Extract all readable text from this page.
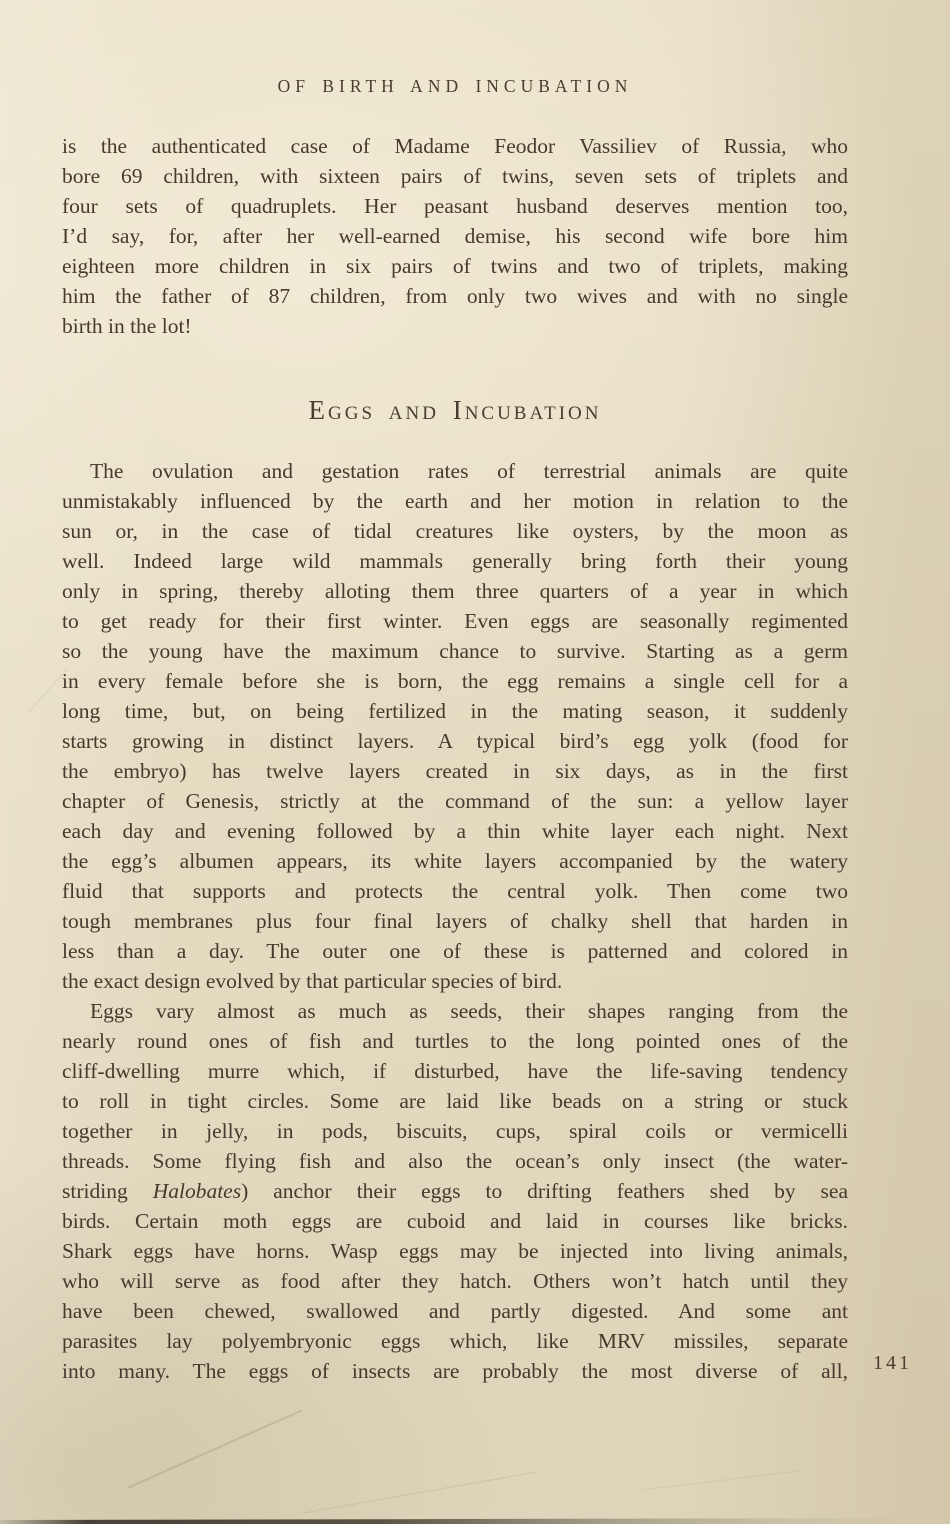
OF BIRTH AND INCUBATION
is the authenticated case of Madame Feodor Vassiliev of Russia, who
bore 69 children, with sixteen pairs of twins, seven sets of triplets and
four sets of quadruplets. Her peasant husband deserves mention too,
I’d say, for, after her well-earned demise, his second wife bore him
eighteen more children in six pairs of twins and two of triplets, making
him the father of 87 children, from only two wives and with no single
birth in the lot!
Eggs and Incubation
The ovulation and gestation rates of terrestrial animals are quite
unmistakably influenced by the earth and her motion in relation to the
sun or, in the case of tidal creatures like oysters, by the moon as
well. Indeed large wild mammals generally bring forth their young
only in spring, thereby alloting them three quarters of a year in which
to get ready for their first winter. Even eggs are seasonally regimented
so the young have the maximum chance to survive. Starting as a germ
in every female before she is born, the egg remains a single cell for a
long time, but, on being fertilized in the mating season, it suddenly
starts growing in distinct layers. A typical bird’s egg yolk (food for
the embryo) has twelve layers created in six days, as in the first
chapter of Genesis, strictly at the command of the sun: a yellow layer
each day and evening followed by a thin white layer each night. Next
the egg’s albumen appears, its white layers accompanied by the watery
fluid that supports and protects the central yolk. Then come two
tough membranes plus four final layers of chalky shell that harden in
less than a day. The outer one of these is patterned and colored in
the exact design evolved by that particular species of bird.
Eggs vary almost as much as seeds, their shapes ranging from the
nearly round ones of fish and turtles to the long pointed ones of the
cliff-dwelling murre which, if disturbed, have the life-saving tendency
to roll in tight circles. Some are laid like beads on a string or stuck
together in jelly, in pods, biscuits, cups, spiral coils or vermicelli
threads. Some flying fish and also the ocean’s only insect (the water-
striding Halobates) anchor their eggs to drifting feathers shed by sea
birds. Certain moth eggs are cuboid and laid in courses like bricks.
Shark eggs have horns. Wasp eggs may be injected into living animals,
who will serve as food after they hatch. Others won’t hatch until they
have been chewed, swallowed and partly digested. And some ant
parasites lay polyembryonic eggs which, like MRV missiles, separate
into many. The eggs of insects are probably the most diverse of all, 141
